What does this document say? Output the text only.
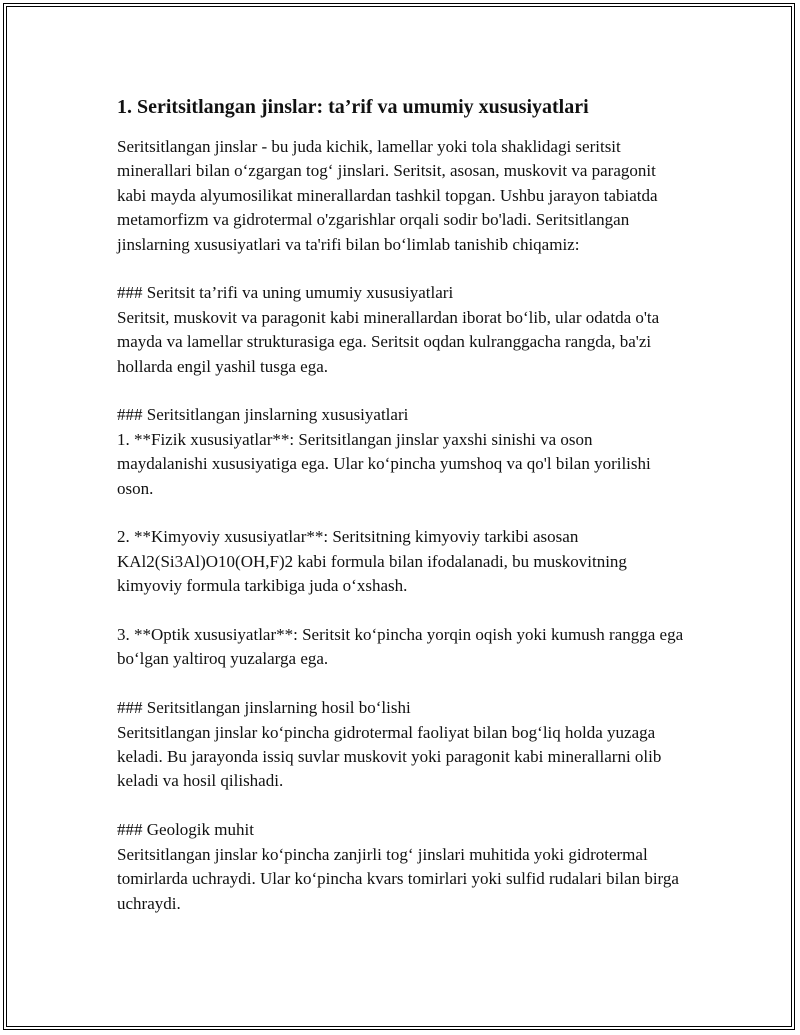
1. Seritsitlangan jinslar: ta’rif va umumiy xususiyatlari

Seritsitlangan jinslar - bu juda kichik, lamellar yoki tola shaklidagi seritsit minerallari bilan o‘zgargan tog‘ jinslari. Seritsit, asosan, muskovit va paragonit kabi mayda alyumosilikat minerallardan tashkil topgan. Ushbu jarayon tabiatda metamorfizm va gidrotermal o'zgarishlar orqali sodir bo'ladi. Seritsitlangan jinslarning xususiyatlari va ta'rifi bilan bo‘limlab tanishib chiqamiz:

### Seritsit ta’rifi va uning umumiy xususiyatlari

Seritsit, muskovit va paragonit kabi minerallardan iborat bo‘lib, ular odatda o'ta mayda va lamellar strukturasiga ega. Seritsit oqdan kulranggacha rangda, ba'zi hollarda engil yashil tusga ega.

### Seritsitlangan jinslarning xususiyatlari

1. **Fizik xususiyatlar**: Seritsitlangan jinslar yaxshi sinishi va oson maydalanishi xususiyatiga ega. Ular ko‘pincha yumshoq va qo'l bilan yorilishi oson.

2. **Kimyoviy xususiyatlar**: Seritsitning kimyoviy tarkibi asosan KAl2(Si3Al)O10(OH,F)2 kabi formula bilan ifodalanadi, bu muskovitning kimyoviy formula tarkibiga juda o‘xshash.

3. **Optik xususiyatlar**: Seritsit ko‘pincha yorqin oqish yoki kumush rangga ega bo‘lgan yaltiroq yuzalarga ega.

### Seritsitlangan jinslarning hosil bo‘lishi

Seritsitlangan jinslar ko‘pincha gidrotermal faoliyat bilan bog‘liq holda yuzaga keladi. Bu jarayonda issiq suvlar muskovit yoki paragonit kabi minerallarni olib keladi va hosil qilishadi.

### Geologik muhit

Seritsitlangan jinslar ko‘pincha zanjirli tog‘ jinslari muhitida yoki gidrotermal tomirlarda uchraydi. Ular ko‘pincha kvars tomirlari yoki sulfid rudalari bilan birga uchraydi.
